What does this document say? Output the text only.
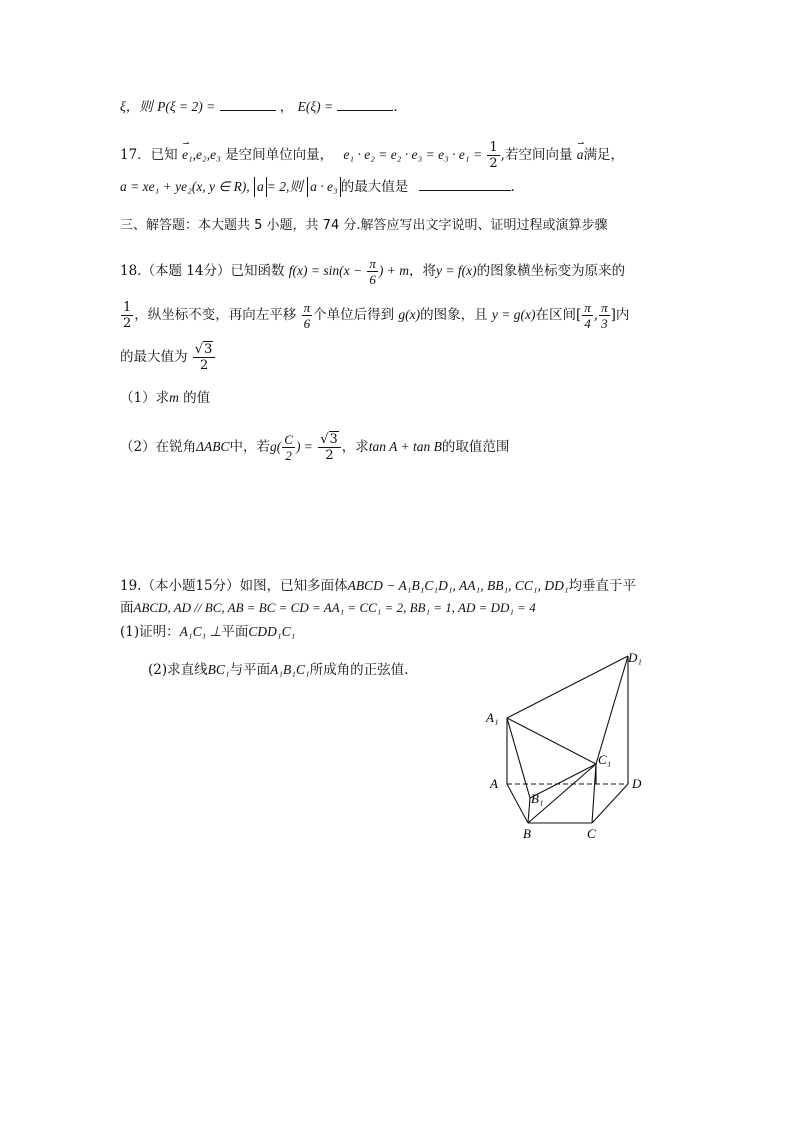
ξ，则 P(ξ = 2) =	， E(ξ) =	.
17．已知 ⇀ e₁,e₂,e₃ 是空间单位向量， $e_1 \cdot e_2 = e_2 \cdot e_3 = e_3 \cdot e_1 = \frac{1}{2}$ ,若空间向量 ⇀ a满足，
a = xe₁ + ye₂(x, y ∈ R), a = 2,则 a · e₃ 的最大值是	.
三、解答题：本大题共 5 小题，共 74 分.解答应写出文字说明、证明过程或演算步骤
18.（本题 14分）已知函数 $f(x) = \sin(x - \frac{\pi}{6}$ ) + m，将y = f(x)的图象横坐标变为原来的
$\frac{1}{2}$ ，纵坐标不变，再向左平移 $\frac{\pi}{6}$ 个单位后得到 g(x)的图象，且 y = g(x)在区间[ $\frac{\pi}{4}$ , $\frac{\pi}{3}$ ]内
的最大值为 $\frac{√3}{2}$
（1）求m 的值
（2）在锐角ΔABC中，若$g( \frac{C}{2}$ ) = $\frac{√3}{2}$ ，求tan A + tan B的取值范围
19.（本小题15分）如图，已知多面体ABCD − A₁B₁C₁D₁, AA₁, BB₁, CC₁, DD₁均垂直于平
面ABCD, AD // BC, AB = BC = CD = AA₁ = CC₁ = 2, BB₁ = 1, AD = DD₁ = 4
(1)证明：A₁C₁ ⊥平面CDD₁C₁
(2)求直线BC₁与平面A₁B₁C₁所成角的正弦值.
A₁
A
B₁
B	C
C₁
D
D₁
